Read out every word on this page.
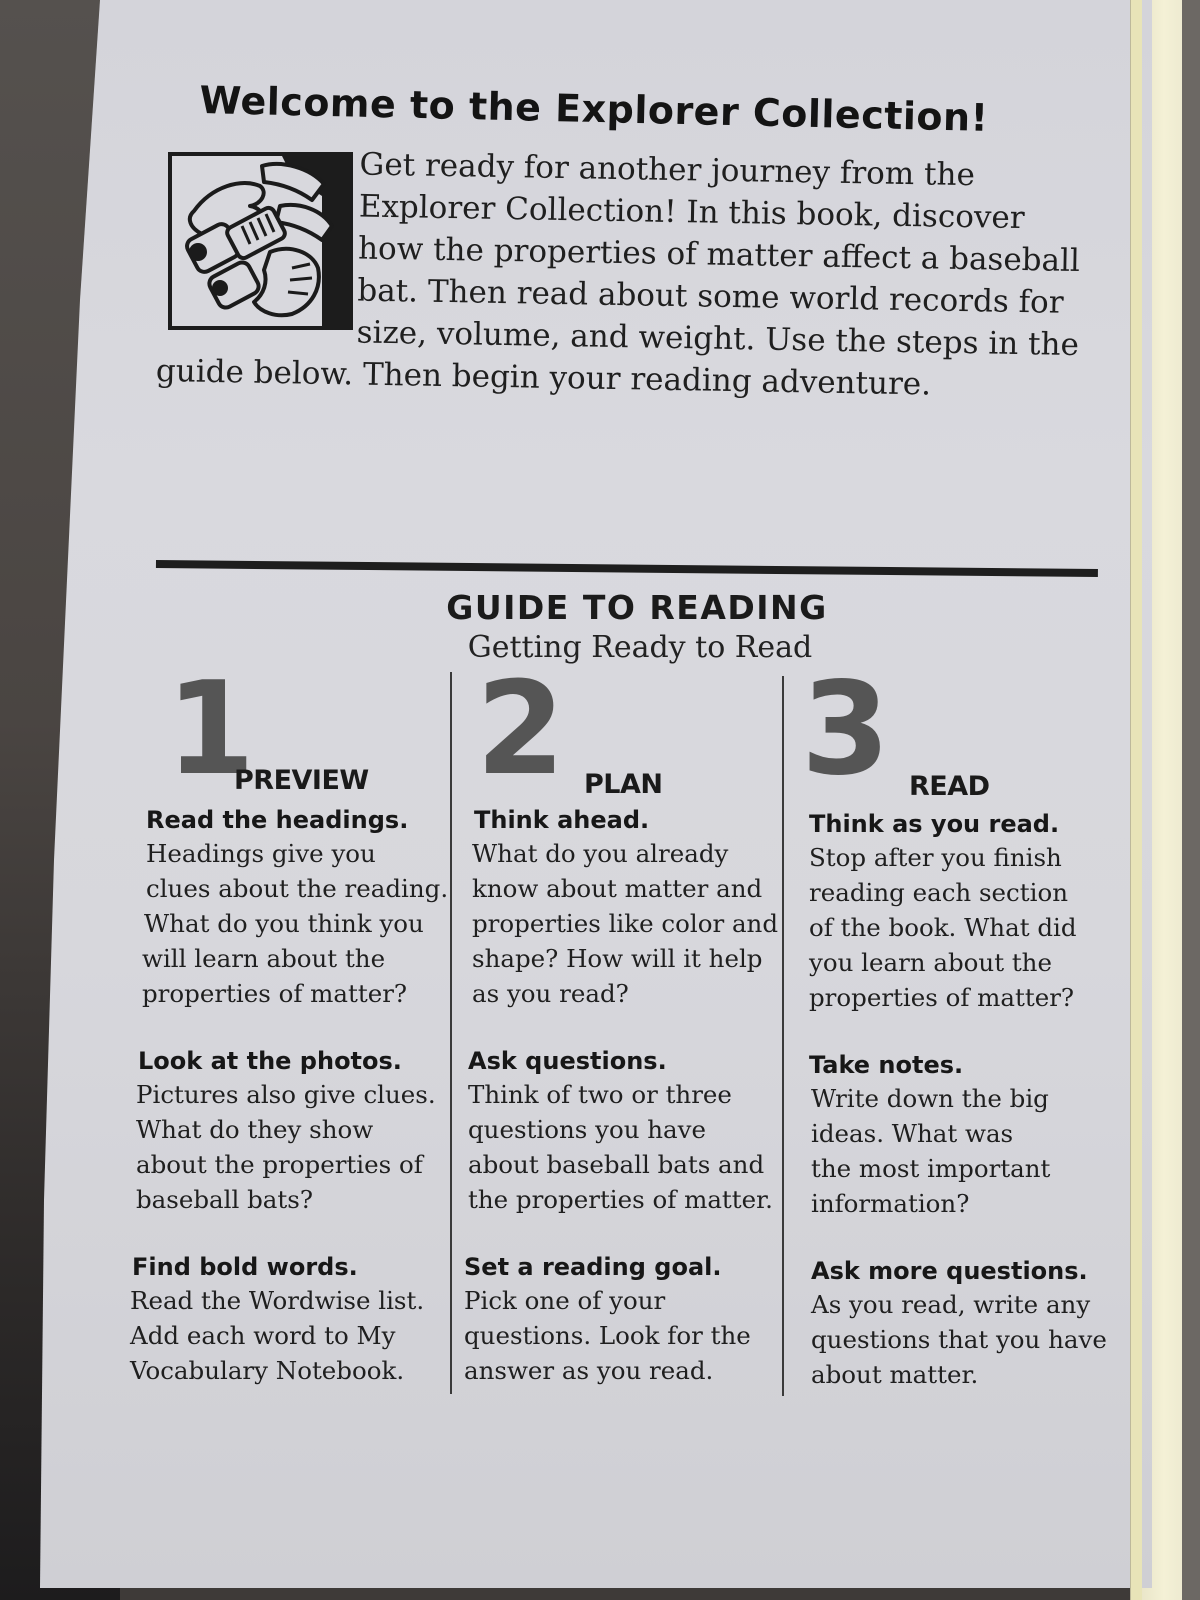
Welcome to the Explorer Collection!
Get ready for another journey from the
Explorer Collection! In this book, discover
how the properties of matter affect a baseball
bat. Then read about some world records for
size, volume, and weight. Use the steps in the
guide below. Then begin your reading adventure.
GUIDE TO READING
Getting Ready to Read
1
PREVIEW
Read the headings.
Headings give you
clues about the reading.
What do you think you
will learn about the
properties of matter?
Look at the photos.
Pictures also give clues.
What do they show
about the properties of
baseball bats?
Find bold words.
Read the Wordwise list.
Add each word to My
Vocabulary Notebook.
2 PLAN
Think ahead.
What do you already
know about matter and
properties like color and
shape? How will it help
as you read?
Ask questions.
Think of two or three
questions you have
about baseball bats and
the properties of matter.
Set a reading goal.
Pick one of your
questions. Look for the
answer as you read.
3 READ
Think as you read.
Stop after you finish
reading each section
of the book. What did
you learn about the
properties of matter?
Take notes.
Write down the big
ideas. What was
the most important
information?
Ask more questions.
As you read, write any
questions that you have
about matter.
